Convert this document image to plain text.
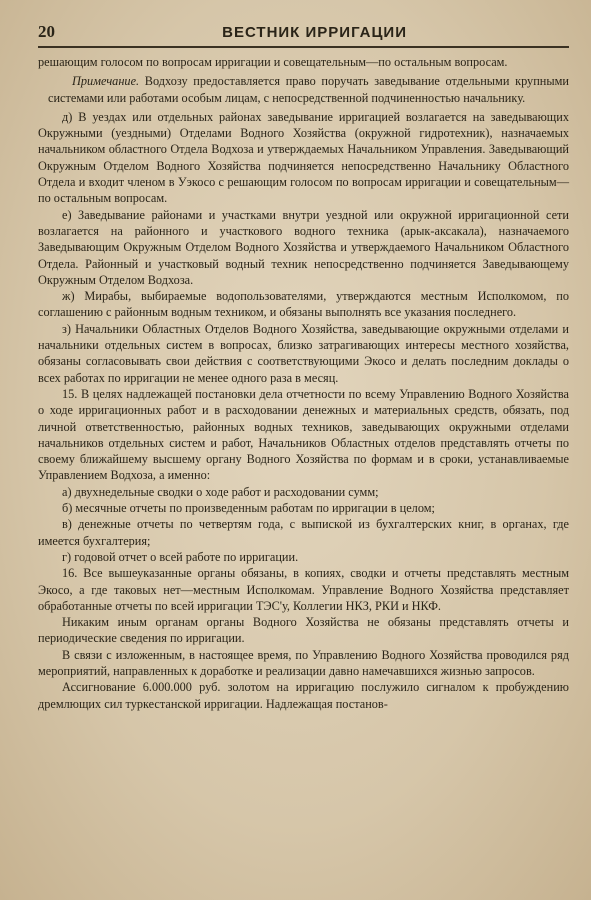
20	ВЕСТНИК ИРРИГАЦИИ

решающим голосом по вопросам ирригации и совещательным—по остальным вопросам.

Примечание. Водхозу предоставляется право поручать заведывание отдельными крупными системами или работами особым лицам, с непосредственной подчиненностью начальнику.

д) В уездах или отдельных районах заведывание ирригацией возлагается на заведывающих Окружными (уездными) Отделами Водного Хозяйства (окружной гидротехник), назначаемых начальником областного Отдела Водхоза и утверждаемых Начальником Управления. Заведывающий Окружным Отделом Водного Хозяйства подчиняется непосредственно Начальнику Областного Отдела и входит членом в Уэкосо с решающим голосом по вопросам ирригации и совещательным—по остальным вопросам.

е) Заведывание районами и участками внутри уездной или окружной ирригационной сети возлагается на районного и участкового водного техника (арык-аксакала), назначаемого Заведывающим Окружным Отделом Водного Хозяйства и утверждаемого Начальником Областного Отдела. Районный и участковый водный техник непосредственно подчиняется Заведывающему Окружным Отделом Водхоза.

ж) Мирабы, выбираемые водопользователями, утверждаются местным Исполкомом, по соглашению с районным водным техником, и обязаны выполнять все указания последнего.

з) Начальники Областных Отделов Водного Хозяйства, заведывающие окружными отделами и начальники отдельных систем в вопросах, близко затрагивающих интересы местного хозяйства, обязаны согласовывать свои действия с соответствующими Экосо и делать последним доклады о всех работах по ирригации не менее одного раза в месяц.

15. В целях надлежащей постановки дела отчетности по всему Управлению Водного Хозяйства о ходе ирригационных работ и в расходовании денежных и материальных средств, обязать, под личной ответственностью, районных водных техников, заведывающих окружными отделами начальников отдельных систем и работ, Начальников Областных отделов представлять отчеты по своему ближайшему высшему органу Водного Хозяйства по формам и в сроки, устанавливаемые Управлением Водхоза, а именно:

а) двухнедельные сводки о ходе работ и расходовании сумм;

б) месячные отчеты по произведенным работам по ирригации в целом;

в) денежные отчеты по четвертям года, с выпиской из бухгалтерских книг, в органах, где имеется бухгалтерия;

г) годовой отчет о всей работе по ирригации.

16. Все вышеуказанные органы обязаны, в копиях, сводки и отчеты представлять местным Экосо, а где таковых нет—местным Исполкомам. Управление Водного Хозяйства представляет обработанные отчеты по всей ирригации ТЭС'у, Коллегии НКЗ, РКИ и НКФ.

Никаким иным органам органы Водного Хозяйства не обязаны представлять отчеты и периодические сведения по ирригации.

В связи с изложенным, в настоящее время, по Управлению Водного Хозяйства проводился ряд мероприятий, направленных к доработке и реализации давно намечавшихся жизнью запросов.

Ассигнование 6.000.000 руб. золотом на ирригацию послужило сигналом к пробуждению дремлющих сил туркестанской ирригации. Надлежащая постанов-
